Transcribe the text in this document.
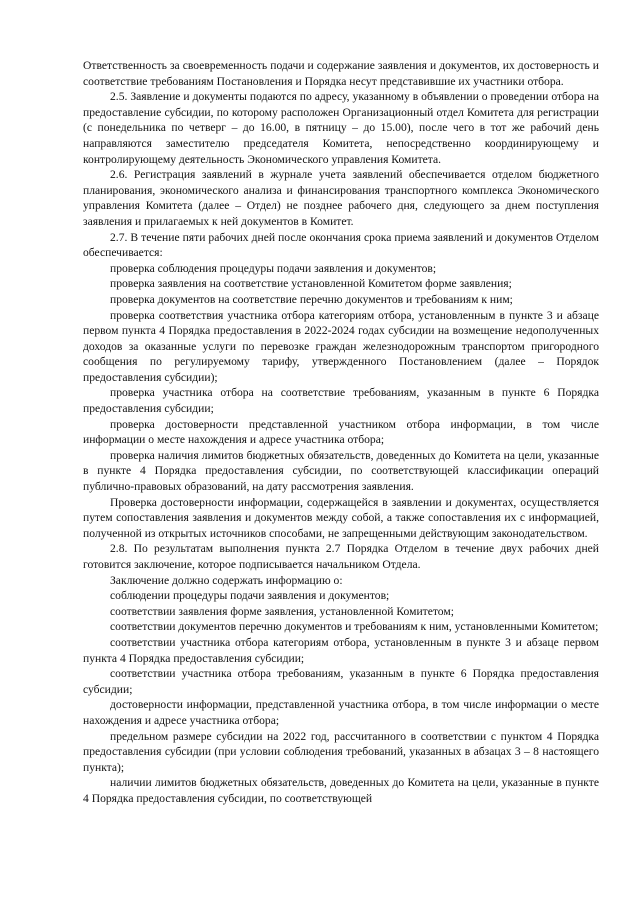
Ответственность за своевременность подачи и содержание заявления и документов, их достоверность и соответствие требованиям Постановления и Порядка несут представившие их участники отбора.

2.5. Заявление и документы подаются по адресу, указанному в объявлении о проведении отбора на предоставление субсидии, по которому расположен Организационный отдел Комитета для регистрации (с понедельника по четверг – до 16.00, в пятницу – до 15.00), после чего в тот же рабочий день направляются заместителю председателя Комитета, непосредственно координирующему и контролирующему деятельность Экономического управления Комитета.

2.6. Регистрация заявлений в журнале учета заявлений обеспечивается отделом бюджетного планирования, экономического анализа и финансирования транспортного комплекса Экономического управления Комитета (далее – Отдел) не позднее рабочего дня, следующего за днем поступления заявления и прилагаемых к ней документов в Комитет.

2.7. В течение пяти рабочих дней после окончания срока приема заявлений и документов Отделом обеспечивается:

проверка соблюдения процедуры подачи заявления и документов;

проверка заявления на соответствие установленной Комитетом форме заявления;

проверка документов на соответствие перечню документов и требованиям к ним;

проверка соответствия участника отбора категориям отбора, установленным в пункте 3 и абзаце первом пункта 4 Порядка предоставления в 2022-2024 годах субсидии на возмещение недополученных доходов за оказанные услуги по перевозке граждан железнодорожным транспортом пригородного сообщения по регулируемому тарифу, утвержденного Постановлением (далее – Порядок предоставления субсидии);

проверка участника отбора на соответствие требованиям, указанным в пункте 6 Порядка предоставления субсидии;

проверка достоверности представленной участником отбора информации, в том числе информации о месте нахождения и адресе участника отбора;

проверка наличия лимитов бюджетных обязательств, доведенных до Комитета на цели, указанные в пункте 4 Порядка предоставления субсидии, по соответствующей классификации операций публично-правовых образований, на дату рассмотрения заявления.

Проверка достоверности информации, содержащейся в заявлении и документах, осуществляется путем сопоставления заявления и документов между собой, а также сопоставления их с информацией, полученной из открытых источников способами, не запрещенными действующим законодательством.

2.8. По результатам выполнения пункта 2.7 Порядка Отделом в течение двух рабочих дней готовится заключение, которое подписывается начальником Отдела.

Заключение должно содержать информацию о:

соблюдении процедуры подачи заявления и документов;

соответствии заявления форме заявления, установленной Комитетом;

соответствии документов перечню документов и требованиям к ним, установленными Комитетом;

соответствии участника отбора категориям отбора, установленным в пункте 3 и абзаце первом пункта 4 Порядка предоставления субсидии;

соответствии участника отбора требованиям, указанным в пункте 6 Порядка предоставления субсидии;

достоверности информации, представленной участника отбора, в том числе информации о месте нахождения и адресе участника отбора;

предельном размере субсидии на 2022 год, рассчитанного в соответствии с пунктом 4 Порядка предоставления субсидии (при условии соблюдения требований, указанных в абзацах 3 – 8 настоящего пункта);

наличии лимитов бюджетных обязательств, доведенных до Комитета на цели, указанные в пункте 4 Порядка предоставления субсидии, по соответствующей
